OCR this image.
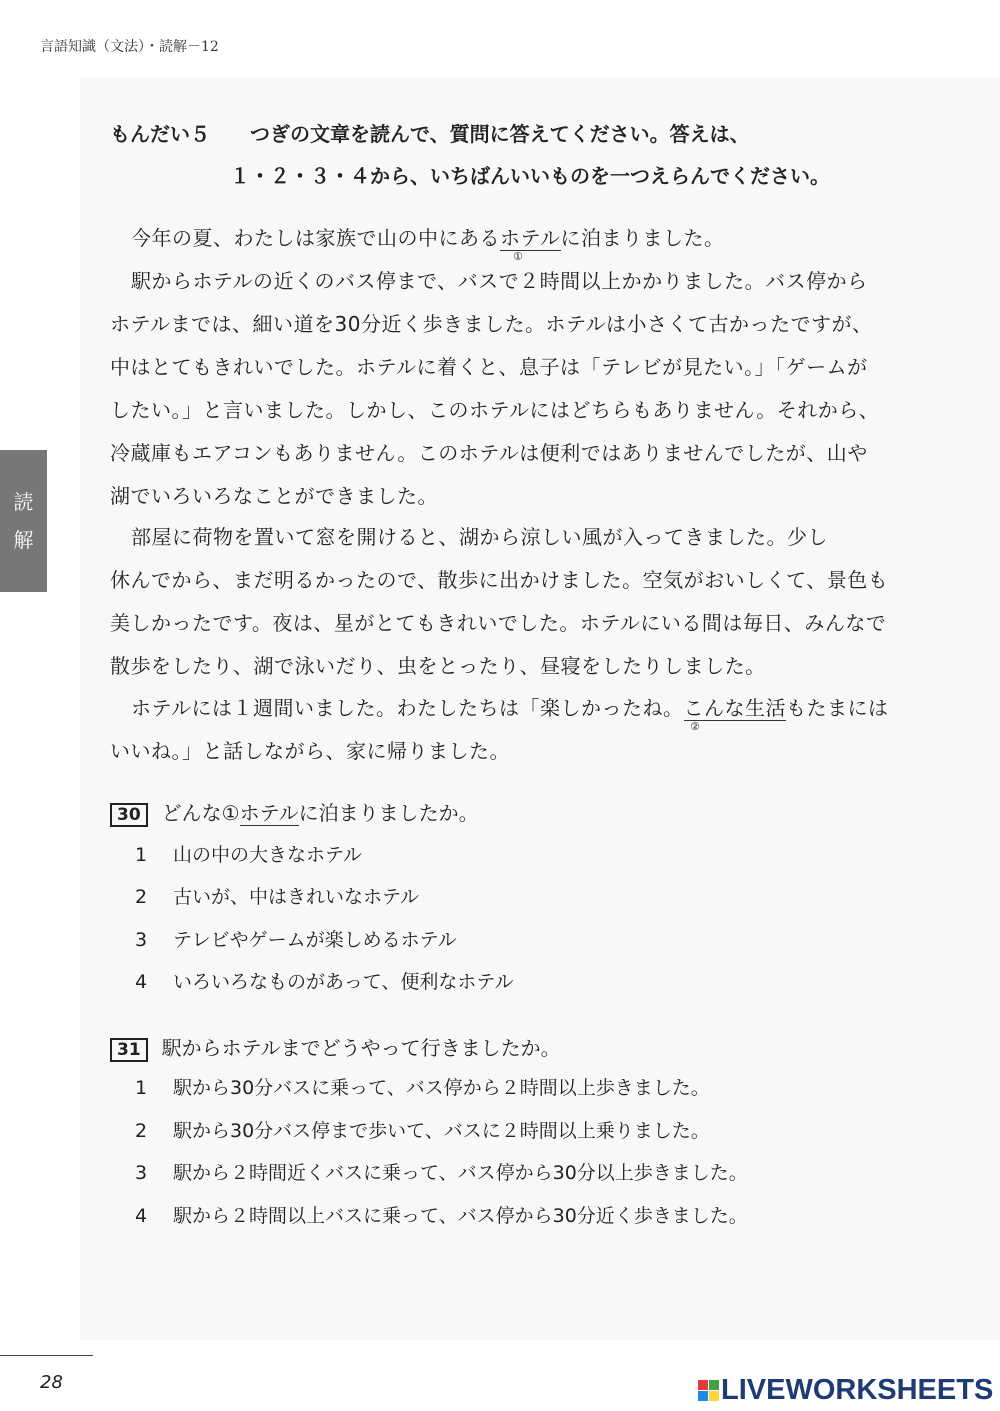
言語知識（文法）・読解－12
読
解
もんだい５ つぎの文章を読んで、質問に答えてください。答えは、
１・２・３・４から、いちばんいいものを一つえらんでください。
今年の夏、わたしは家族で山の中にあるホテルに泊まりました。
①
駅からホテルの近くのバス停まで、バスで２時間以上かかりました。バス停から
ホテルまでは、細い道を30分近く歩きました。ホテルは小さくて古かったですが、
中はとてもきれいでした。ホテルに着くと、息子は「テレビが見たい。」「ゲームが
したい。」と言いました。しかし、このホテルにはどちらもありません。それから、
冷蔵庫もエアコンもありません。このホテルは便利ではありませんでしたが、山や
湖でいろいろなことができました。
部屋に荷物を置いて窓を開けると、湖から涼しい風が入ってきました。少し
休んでから、まだ明るかったので、散歩に出かけました。空気がおいしくて、景色も
美しかったです。夜は、星がとてもきれいでした。ホテルにいる間は毎日、みんなで
散歩をしたり、湖で泳いだり、虫をとったり、昼寝をしたりしました。
ホテルには１週間いました。わたしたちは「楽しかったね。こんな生活もたまには
②
いいね。」と話しながら、家に帰りました。
30 どんな①ホテルに泊まりましたか。
1 山の中の大きなホテル
2 古いが、中はきれいなホテル
3 テレビやゲームが楽しめるホテル
4 いろいろなものがあって、便利なホテル
31 駅からホテルまでどうやって行きましたか。
1 駅から30分バスに乗って、バス停から２時間以上歩きました。
2 駅から30分バス停まで歩いて、バスに２時間以上乗りました。
3 駅から２時間近くバスに乗って、バス停から30分以上歩きました。
4 駅から２時間以上バスに乗って、バス停から30分近く歩きました。
28	LIVEWORKSHEETS
